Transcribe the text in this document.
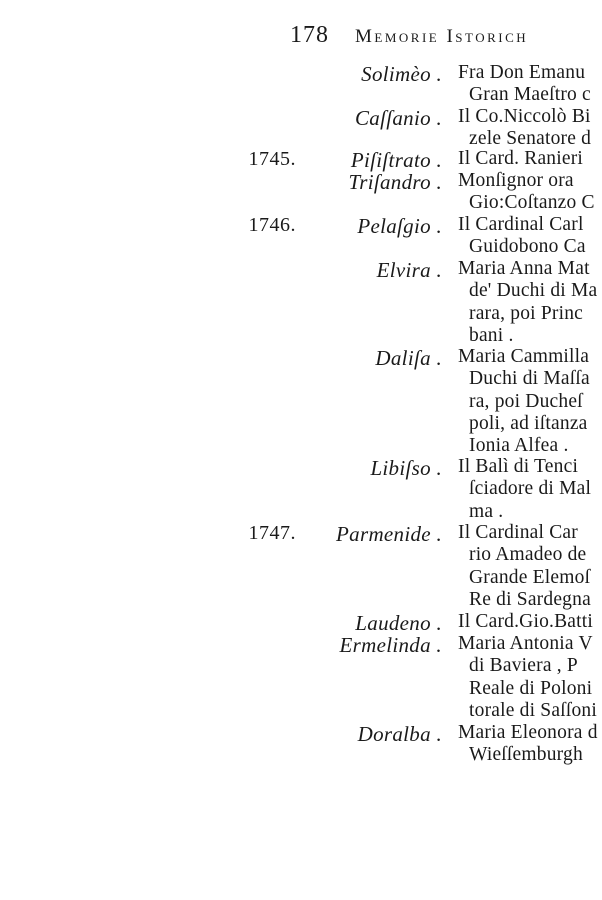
178 Memorie Istorich
Solimèo . Fra Don Emanu
Gran Maeſtro c
Caſſanio . Il Co.Niccolò Bi
zele Senatore d
1745.	Piſiſtrato . Il Card. Ranieri
Triſandro . Monſignor ora
Gio:Coſtanzo C
1746.	Pelaſgio . Il Cardinal Carl
Guidobono Ca
Elvira . Maria Anna Mat
de' Duchi di Ma
rara, poi Princ
bani .
Daliſa . Maria Cammilla
Duchi di Maſſa
ra, poi Ducheſ
poli, ad iſtanza
Ionia Alfea .
Libiſso . Il Balì di Tenci
ſciadore di Mal
ma .
1747. Parmenide . Il Cardinal Car
rio Amadeo de
Grande Elemoſ
Re di Sardegna
Laudeno . Il Card.Gio.Batti
Ermelinda . Maria Antonia V
di Baviera , P
Reale di Poloni
torale di Saſſoni
Doralba . Maria Eleonora d
Wieſſemburgh
